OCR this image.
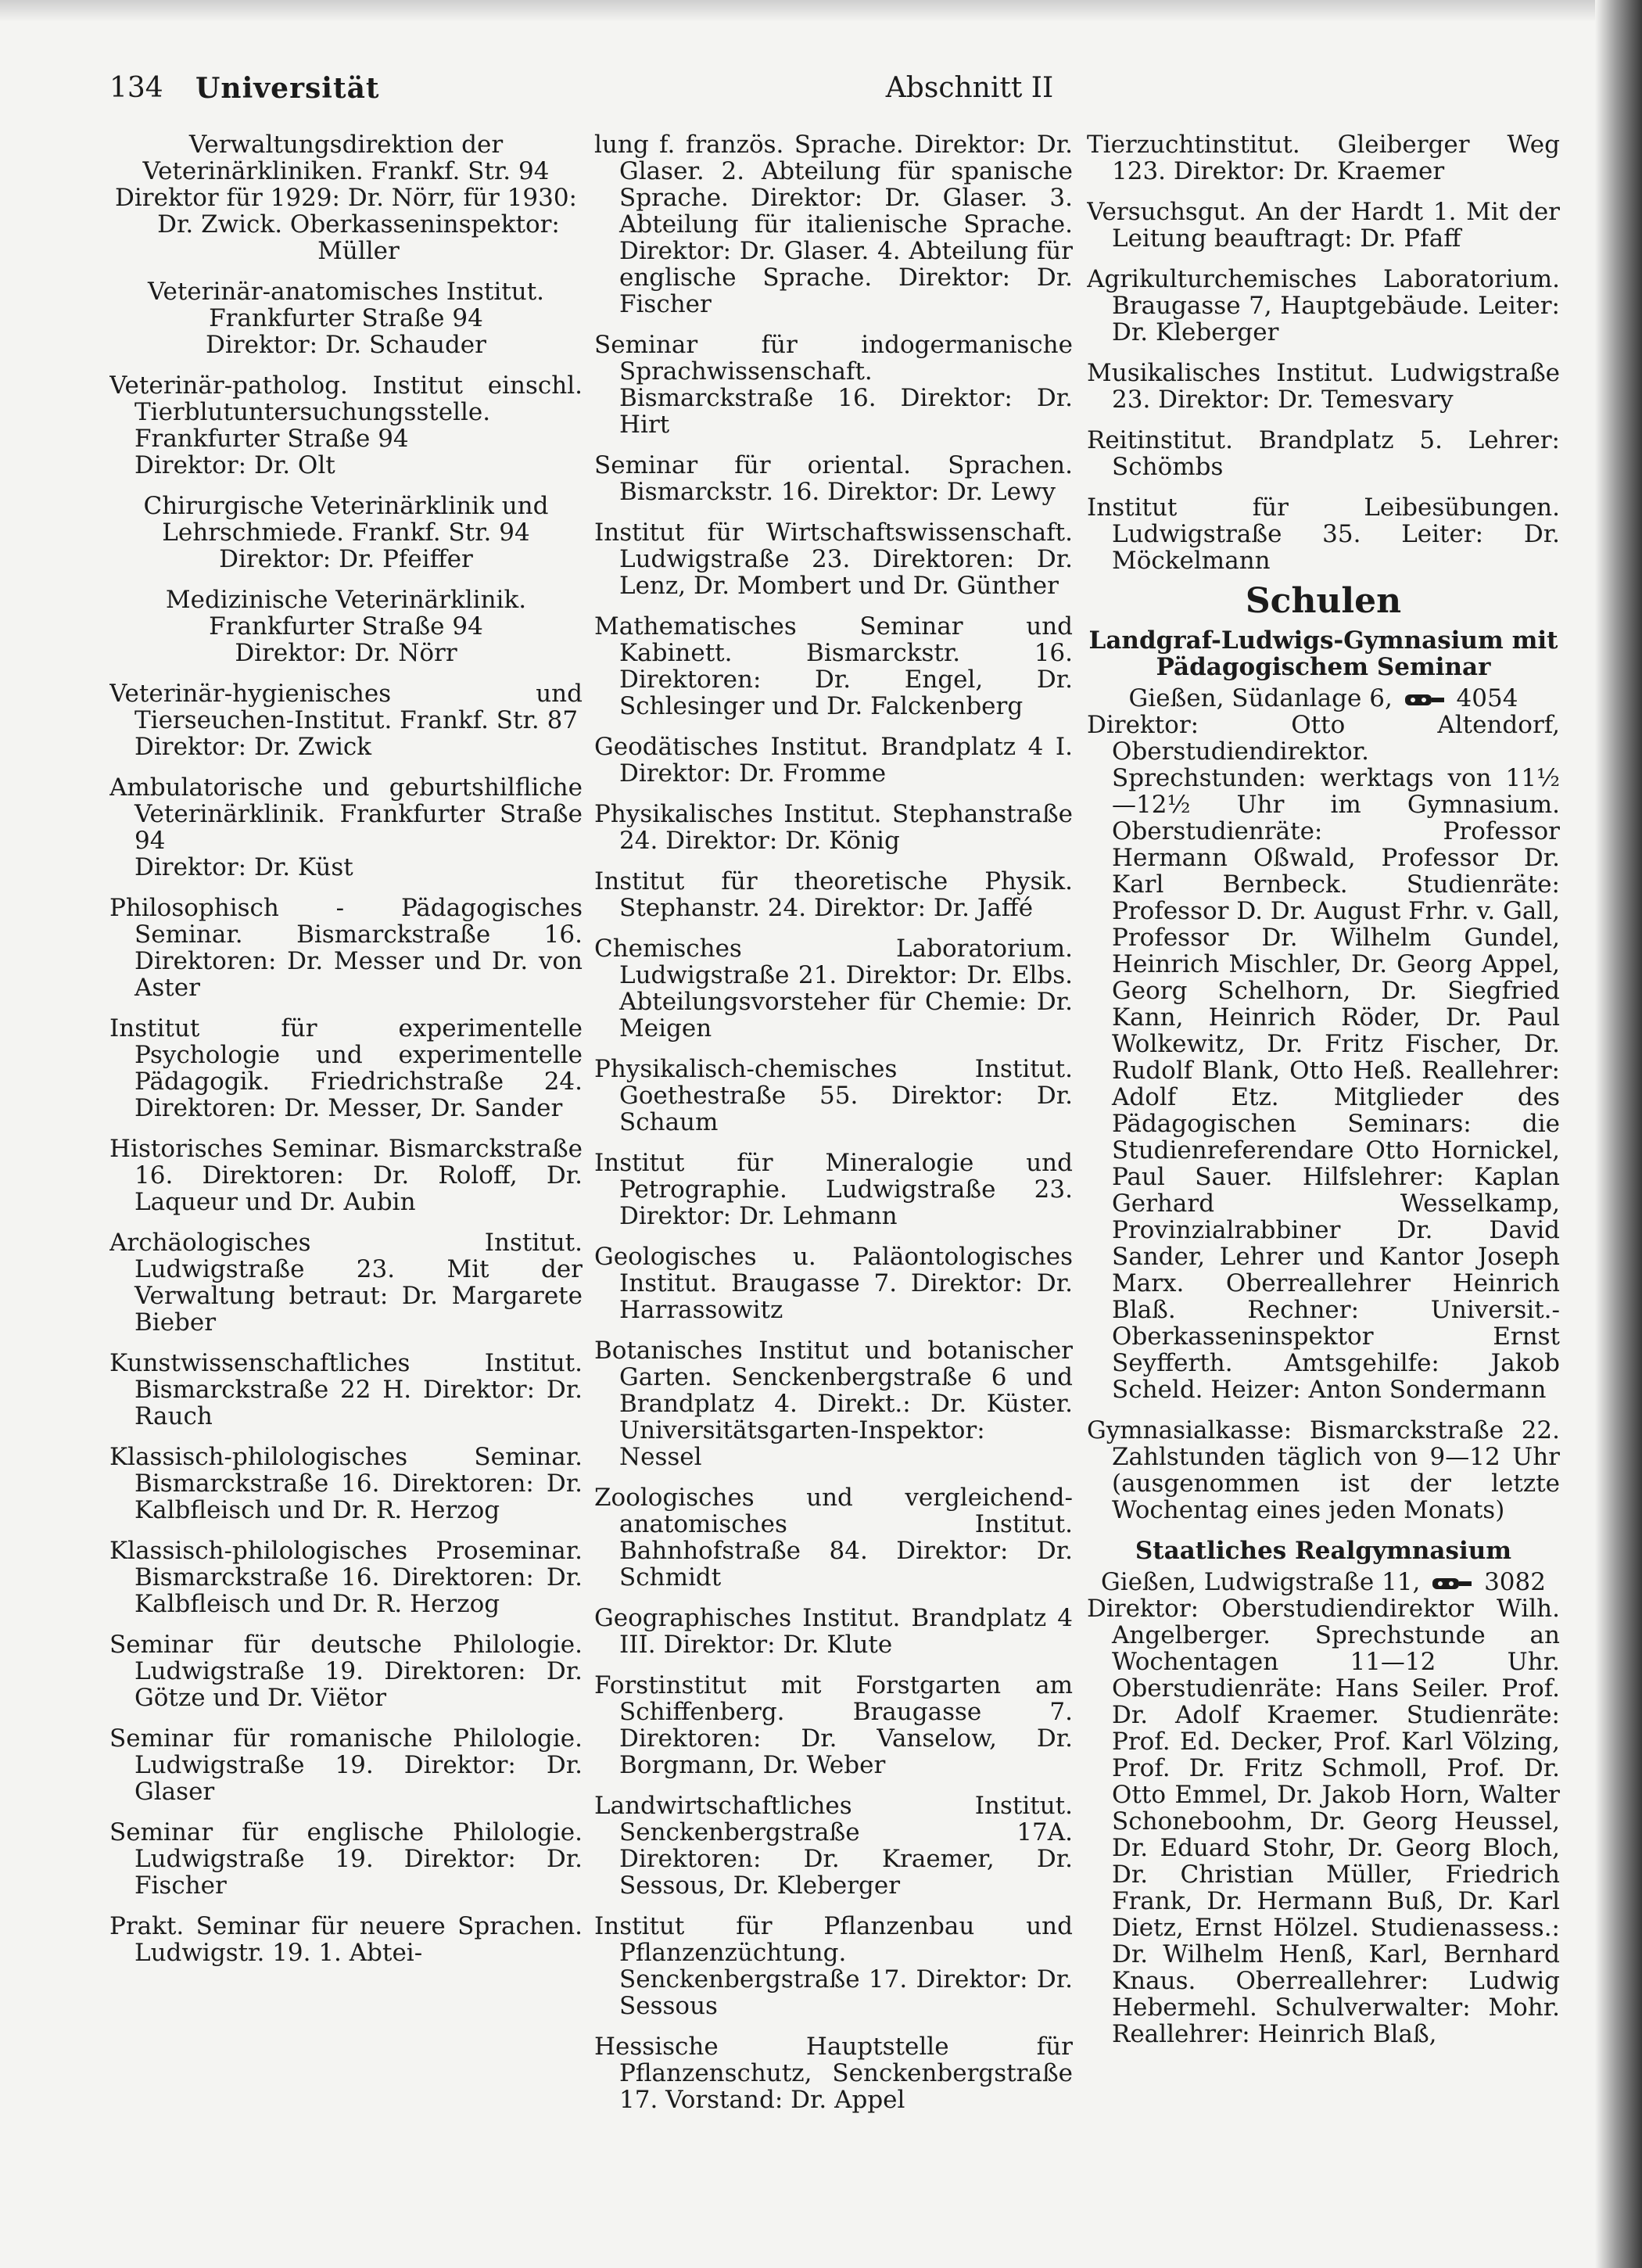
134 Universität	Abschnitt II
Verwaltungsdirektion der Veterinärkliniken. Frankf. Str. 94
Direktor für 1929: Dr. Nörr, für 1930: Dr. Zwick. Oberkasseninspektor: Müller
Veterinär-anatomisches Institut. Frankfurter Straße 94
Direktor: Dr. Schauder
Veterinär-patholog. Institut einschl. Tierblutuntersuchungsstelle. Frankfurter Straße 94
Direktor: Dr. Olt
Chirurgische Veterinärklinik und Lehrschmiede. Frankf. Str. 94
Direktor: Dr. Pfeiffer
Medizinische Veterinärklinik. Frankfurter Straße 94
Direktor: Dr. Nörr
Veterinär-hygienisches und Tierseuchen-Institut. Frankf. Str. 87
Direktor: Dr. Zwick
Ambulatorische und geburtshilfliche Veterinärklinik. Frankfurter Straße 94
Direktor: Dr. Küst
Philosophisch - Pädagogisches Seminar. Bismarckstraße 16. Direktoren: Dr. Messer und Dr. von Aster
Institut für experimentelle Psychologie und experimentelle Pädagogik. Friedrichstraße 24. Direktoren: Dr. Messer, Dr. Sander
Historisches Seminar. Bismarckstraße 16. Direktoren: Dr. Roloff, Dr. Laqueur und Dr. Aubin
Archäologisches Institut. Ludwigstraße 23. Mit der Verwaltung betraut: Dr. Margarete Bieber
Kunstwissenschaftliches Institut. Bismarckstraße 22 H. Direktor: Dr. Rauch
Klassisch-philologisches Seminar. Bismarckstraße 16. Direktoren: Dr. Kalbfleisch und Dr. R. Herzog
Klassisch-philologisches Proseminar. Bismarckstraße 16. Direktoren: Dr. Kalbfleisch und Dr. R. Herzog
Seminar für deutsche Philologie. Ludwigstraße 19. Direktoren: Dr. Götze und Dr. Viëtor
Seminar für romanische Philologie. Ludwigstraße 19. Direktor: Dr. Glaser
Seminar für englische Philologie. Ludwigstraße 19. Direktor: Dr. Fischer
Prakt. Seminar für neuere Sprachen. Ludwigstr. 19. 1. Abtei-
lung f. französ. Sprache. Direktor: Dr. Glaser. 2. Abteilung für spanische Sprache. Direktor: Dr. Glaser. 3. Abteilung für italienische Sprache. Direktor: Dr. Glaser. 4. Abteilung für englische Sprache. Direktor: Dr. Fischer
Seminar für indogermanische Sprachwissenschaft. Bismarckstraße 16. Direktor: Dr. Hirt
Seminar für oriental. Sprachen. Bismarckstr. 16. Direktor: Dr. Lewy
Institut für Wirtschaftswissenschaft. Ludwigstraße 23. Direktoren: Dr. Lenz, Dr. Mombert und Dr. Günther
Mathematisches Seminar und Kabinett. Bismarckstr. 16. Direktoren: Dr. Engel, Dr. Schlesinger und Dr. Falckenberg
Geodätisches Institut. Brandplatz 4 I. Direktor: Dr. Fromme
Physikalisches Institut. Stephanstraße 24. Direktor: Dr. König
Institut für theoretische Physik. Stephanstr. 24. Direktor: Dr. Jaffé
Chemisches Laboratorium. Ludwigstraße 21. Direktor: Dr. Elbs. Abteilungsvorsteher für Chemie: Dr. Meigen
Physikalisch-chemisches Institut. Goethestraße 55. Direktor: Dr. Schaum
Institut für Mineralogie und Petrographie. Ludwigstraße 23. Direktor: Dr. Lehmann
Geologisches u. Paläontologisches Institut. Braugasse 7. Direktor: Dr. Harrassowitz
Botanisches Institut und botanischer Garten. Senckenbergstraße 6 und Brandplatz 4. Direkt.: Dr. Küster. Universitätsgarten-Inspektor: Nessel
Zoologisches und vergleichend-anatomisches Institut. Bahnhofstraße 84. Direktor: Dr. Schmidt
Geographisches Institut. Brandplatz 4 III. Direktor: Dr. Klute
Forstinstitut mit Forstgarten am Schiffenberg. Braugasse 7. Direktoren: Dr. Vanselow, Dr. Borgmann, Dr. Weber
Landwirtschaftliches Institut. Senckenbergstraße 17A. Direktoren: Dr. Kraemer, Dr. Sessous, Dr. Kleberger
Institut für Pflanzenbau und Pflanzenzüchtung. Senckenbergstraße 17. Direktor: Dr. Sessous
Hessische Hauptstelle für Pflanzenschutz, Senckenbergstraße 17. Vorstand: Dr. Appel
Tierzuchtinstitut. Gleiberger Weg 123. Direktor: Dr. Kraemer
Versuchsgut. An der Hardt 1. Mit der Leitung beauftragt: Dr. Pfaff
Agrikulturchemisches Laboratorium. Braugasse 7, Hauptgebäude. Leiter: Dr. Kleberger
Musikalisches Institut. Ludwigstraße 23. Direktor: Dr. Temesvary
Reitinstitut. Brandplatz 5. Lehrer: Schömbs
Institut für Leibesübungen. Ludwigstraße 35. Leiter: Dr. Möckelmann
Schulen
Landgraf-Ludwigs-Gymnasium mit Pädagogischem Seminar
Gießen, Südanlage 6,	4054
Direktor: Otto Altendorf, Oberstudiendirektor. Sprechstunden: werktags von 11½—12½ Uhr im Gymnasium. Oberstudienräte: Professor Hermann Oßwald, Professor Dr. Karl Bernbeck. Studienräte: Professor D. Dr. August Frhr. v. Gall, Professor Dr. Wilhelm Gundel, Heinrich Mischler, Dr. Georg Appel, Georg Schelhorn, Dr. Siegfried Kann, Heinrich Röder, Dr. Paul Wolkewitz, Dr. Fritz Fischer, Dr. Rudolf Blank, Otto Heß. Reallehrer: Adolf Etz. Mitglieder des Pädagogischen Seminars: die Studienreferendare Otto Hornickel, Paul Sauer. Hilfslehrer: Kaplan Gerhard Wesselkamp, Provinzialrabbiner Dr. David Sander, Lehrer und Kantor Joseph Marx. Oberreallehrer Heinrich Blaß. Rechner: Universit.-Oberkasseninspektor Ernst Seyfferth. Amtsgehilfe: Jakob Scheld. Heizer: Anton Sondermann
Gymnasialkasse: Bismarckstraße 22. Zahlstunden täglich von 9—12 Uhr (ausgenommen ist der letzte Wochentag eines jeden Monats)
Staatliches Realgymnasium
Gießen, Ludwigstraße 11,	3082
Direktor: Oberstudiendirektor Wilh. Angelberger. Sprechstunde an Wochentagen 11—12 Uhr. Oberstudienräte: Hans Seiler. Prof. Dr. Adolf Kraemer. Studienräte: Prof. Ed. Decker, Prof. Karl Völzing, Prof. Dr. Fritz Schmoll, Prof. Dr. Otto Emmel, Dr. Jakob Horn, Walter Schoneboohm, Dr. Georg Heussel, Dr. Eduard Stohr, Dr. Georg Bloch, Dr. Christian Müller, Friedrich Frank, Dr. Hermann Buß, Dr. Karl Dietz, Ernst Hölzel. Studienassess.: Dr. Wilhelm Henß, Karl, Bernhard Knaus. Oberreallehrer: Ludwig Hebermehl. Schulverwalter: Mohr. Reallehrer: Heinrich Blaß,
